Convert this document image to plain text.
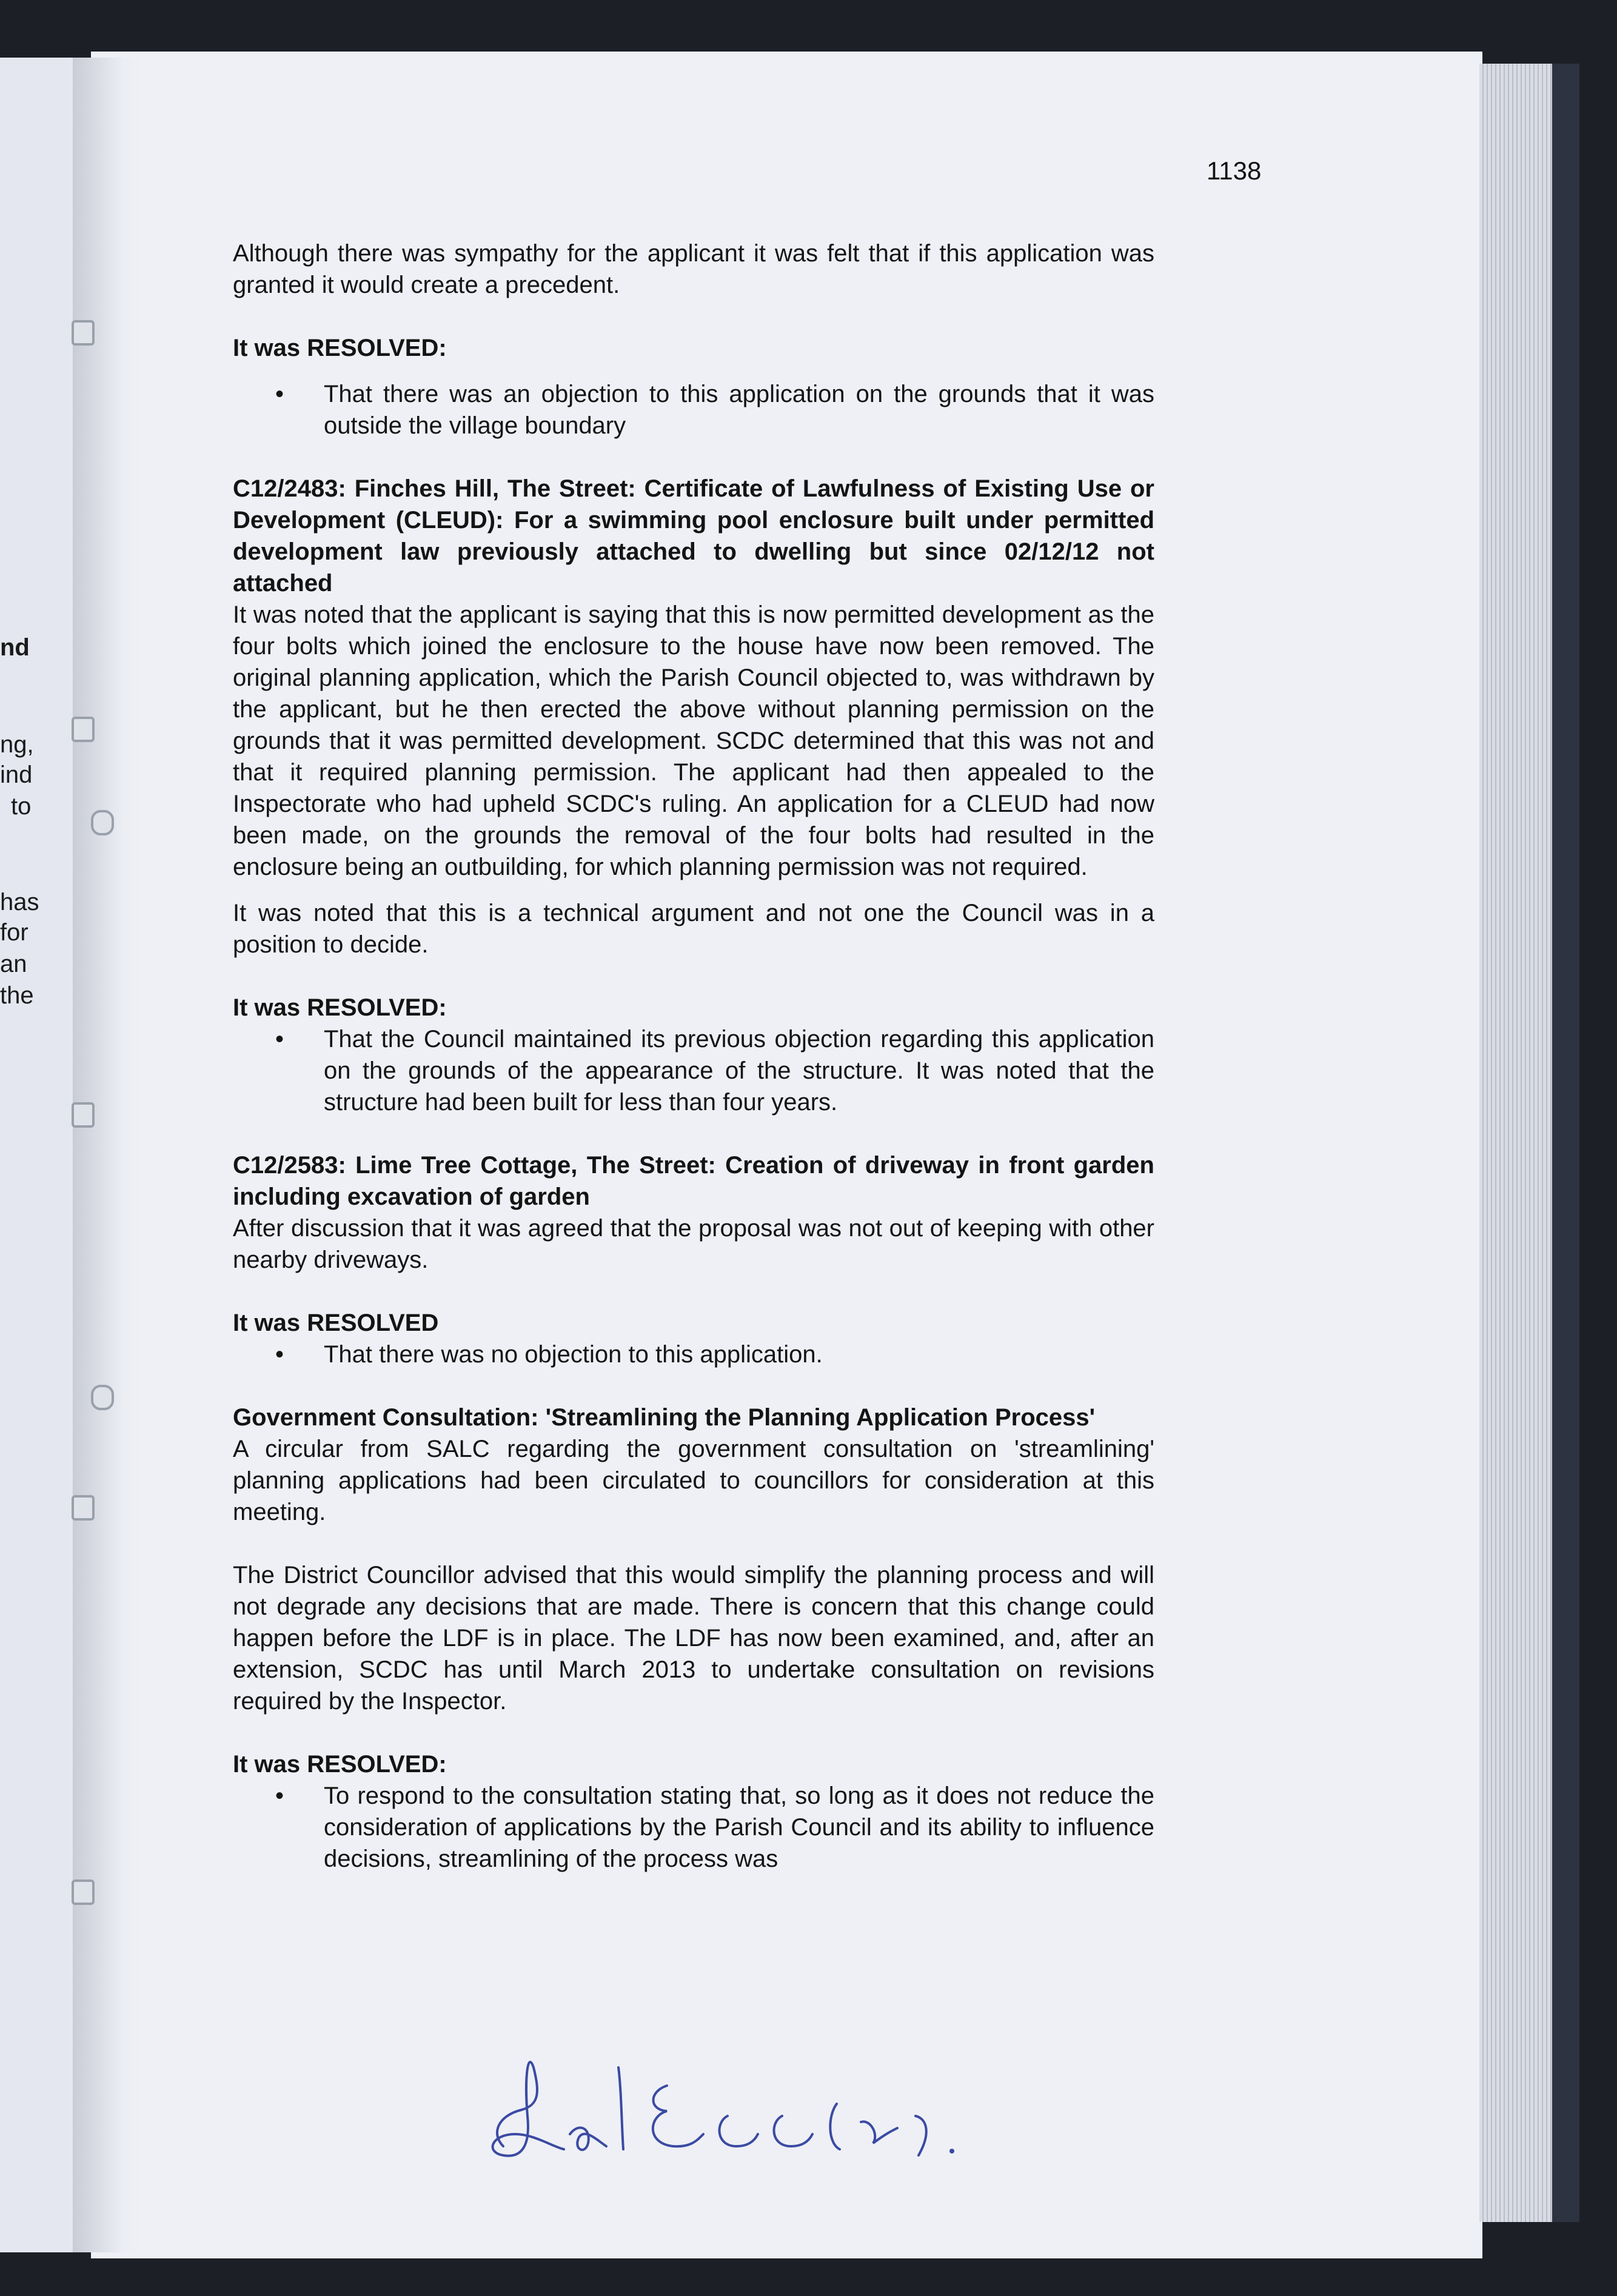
nd
ng,
ind
to
has
for
an
the
1138

Although there was sympathy for the applicant it was felt that if this application was granted it would create a precedent.

It was RESOLVED:

• That there was an objection to this application on the grounds that it was outside the village boundary

C12/2483: Finches Hill, The Street: Certificate of Lawfulness of Existing Use or Development (CLEUD): For a swimming pool enclosure built under permitted development law previously attached to dwelling but since 02/12/12 not attached

It was noted that the applicant is saying that this is now permitted development as the four bolts which joined the enclosure to the house have now been removed. The original planning application, which the Parish Council objected to, was withdrawn by the applicant, but he then erected the above without planning permission on the grounds that it was permitted development. SCDC determined that this was not and that it required planning permission. The applicant had then appealed to the Inspectorate who had upheld SCDC's ruling. An application for a CLEUD had now been made, on the grounds the removal of the four bolts had resulted in the enclosure being an outbuilding, for which planning permission was not required.

It was noted that this is a technical argument and not one the Council was in a position to decide.

It was RESOLVED:

• That the Council maintained its previous objection regarding this application on the grounds of the appearance of the structure. It was noted that the structure had been built for less than four years.

C12/2583: Lime Tree Cottage, The Street: Creation of driveway in front garden including excavation of garden

After discussion that it was agreed that the proposal was not out of keeping with other nearby driveways.

It was RESOLVED

• That there was no objection to this application.

Government Consultation: 'Streamlining the Planning Application Process'

A circular from SALC regarding the government consultation on 'streamlining' planning applications had been circulated to councillors for consideration at this meeting.

The District Councillor advised that this would simplify the planning process and will not degrade any decisions that are made. There is concern that this change could happen before the LDF is in place. The LDF has now been examined, and, after an extension, SCDC has until March 2013 to undertake consultation on revisions required by the Inspector.

It was RESOLVED:

• To respond to the consultation stating that, so long as it does not reduce the consideration of applications by the Parish Council and its ability to influence decisions, streamlining of the process was
